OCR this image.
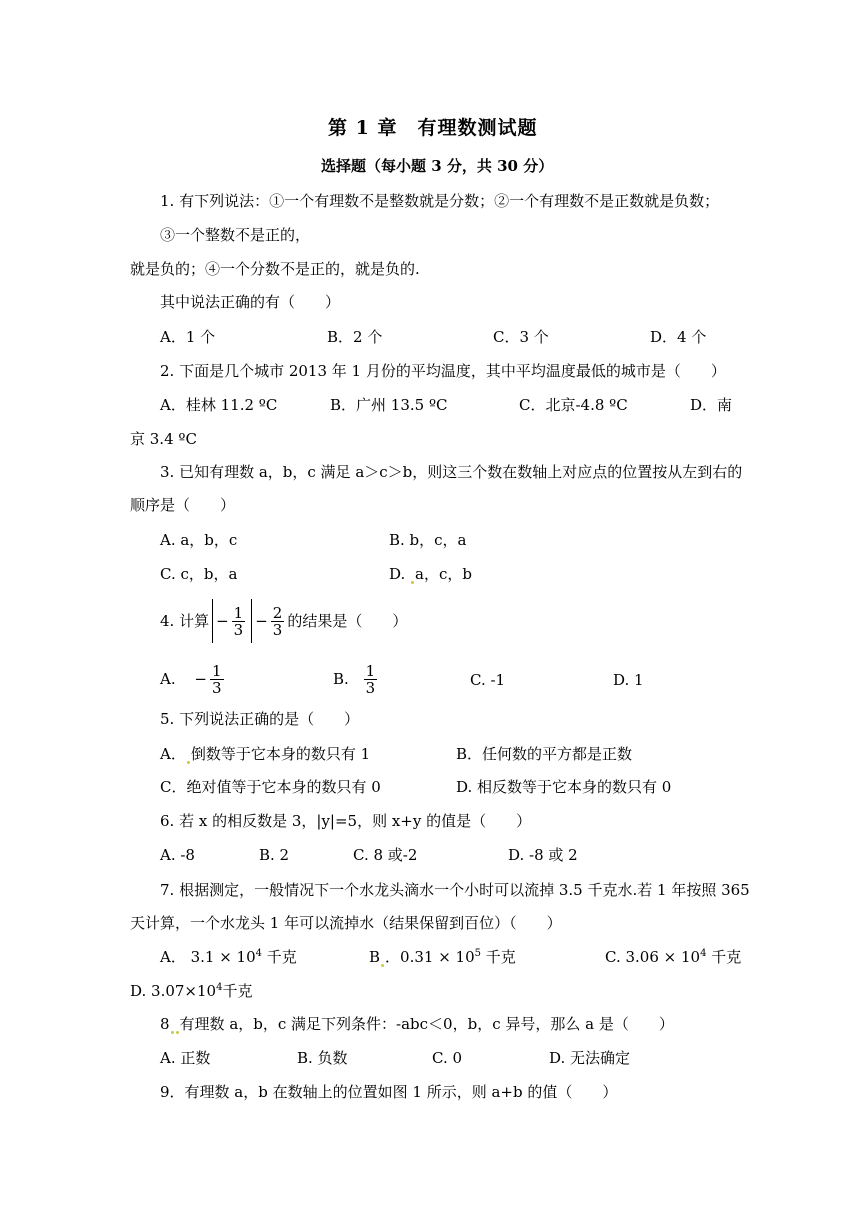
第 1 章　有理数测试题
选择题（每小题 3 分，共 30 分）
1. 有下列说法：①一个有理数不是整数就是分数；②一个有理数不是正数就是负数；
③一个整数不是正的，
就是负的；④一个分数不是正的，就是负的.
其中说法正确的有（　　）
A．1 个	B．2 个	C．3 个	D．4 个
2. 下面是几个城市 2013 年 1 月份的平均温度，其中平均温度最低的城市是（　　）
A．桂林 11.2 ºC	B．广州 13.5 ºC	C．北京-4.8 ºC	D．南
京 3.4 ºC
3. 已知有理数 a，b，c 满足 a＞c＞b，则这三个数在数轴上对应点的位置按从左到右的
顺序是（　　）
A. a，b，c	B. b，c，a
C. c，b，a	D. a，c，b
4. 计算 − $\frac{1}{3} - \frac{2}{3}$ 的结果是（　　）
A. − $\frac{1}{3}$	B. $\frac{1}{3}$	C. -1	D. 1
5. 下列说法正确的是（　　）
A． 倒数等于它本身的数只有 1	B．任何数的平方都是正数
C．绝对值等于它本身的数只有 0	D. 相反数等于它本身的数只有 0
6. 若 x 的相反数是 3，|y|=5，则 x+y 的值是（　　）
A. -8	B. 2	C. 8 或-2	D. -8 或 2
7. 根据测定，一般情况下一个水龙头滴水一个小时可以流掉 3.5 千克水.若 1 年按照 365
天计算，一个水龙头 1 年可以流掉水（结果保留到百位）（　　）
A． $3.1 \times 10^4$ 千克	B ．$0.31 \times 10^5$ 千克	C. $3.06 \times 10^4$ 千克
D. $3.07\times 10^4$千克
8 有理数 a，b，c 满足下列条件：-abc＜0，b，c 异号，那么 a 是（　　）
A. 正数	B. 负数	C. 0	D. 无法确定
9．有理数 a，b 在数轴上的位置如图 1 所示，则 a+b 的值（　　）
